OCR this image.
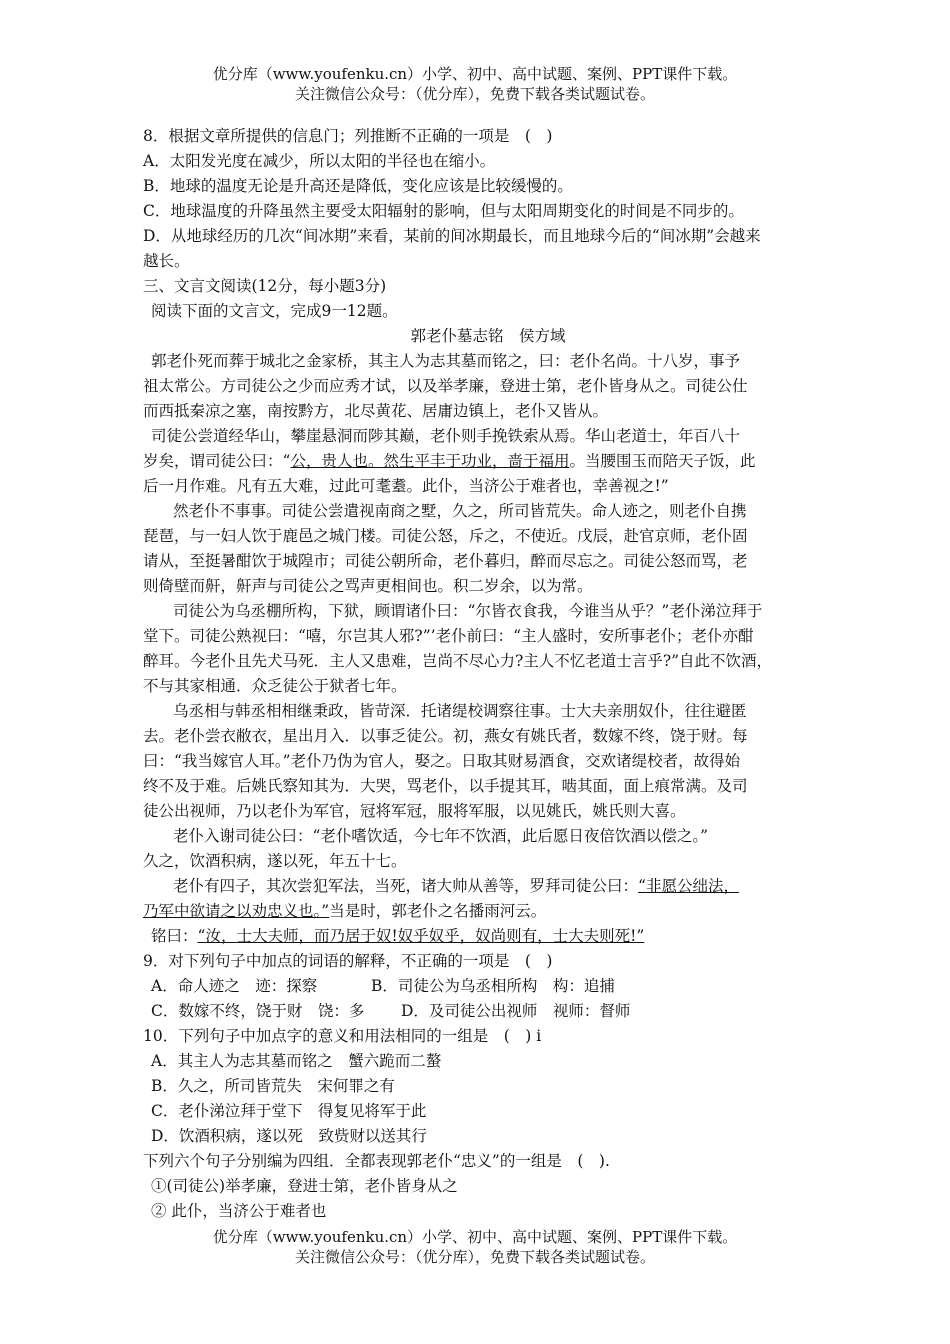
优分库（www.youfenku.cn）小学、初中、高中试题、案例、PPT课件下载。
关注微信公众号：（优分库），免费下载各类试题试卷。
8．根据文章所提供的信息门；列推断不正确的一项是　(　)
A．太阳发光度在减少，所以太阳的半径也在缩小。
B．地球的温度无论是升高还是降低，变化应该是比较缓慢的。
C．地球温度的升降虽然主要受太阳辐射的影响，但与太阳周期变化的时间是不同步的。
D．从地球经历的几次“间冰期”来看，某前的间冰期最长，而且地球今后的“间冰期”会越来
越长。
三、文言文阅读(12分，每小题3分)
阅读下面的文言文，完成9一12题。
郭老仆墓志铭　侯方域
郭老仆死而葬于城北之金家桥，其主人为志其墓而铭之，曰：老仆名尚。十八岁，事予
祖太常公。方司徒公之少而应秀才试，以及举孝廉，登进士第，老仆皆身从之。司徒公仕
而西抵秦凉之塞，南按黔方，北尽黄花、居庸边镇上，老仆又皆从。
司徒公尝道经华山，攀崖悬洞而陟其巅，老仆则手挽铁索从焉。华山老道士，年百八十
岁矣，谓司徒公曰：“公，贵人也。然生平丰于功业，啬于福用。当腰围玉而陪天子饭，此
后一月作难。凡有五大难，过此可耄耋。此仆，当济公于难者也，幸善视之!”
然老仆不事事。司徒公尝遣视南商之墅，久之，所司皆荒失。命人迹之，则老仆自携
琵琶，与一妇人饮于鹿邑之城门楼。司徒公怒，斥之，不使近。戊辰，赴官京师，老仆固
请从，至挺暑酣饮于城隍市；司徒公朝所命，老仆暮归，醉而尽忘之。司徒公怒而骂，老
则倚壁而鼾，鼾声与司徒公之骂声更相间也。积二岁余，以为常。
司徒公为乌丞棚所构，下狱，顾谓诸仆曰：“尔皆衣食我，今谁当从乎？”老仆涕泣拜于
堂下。司徒公熟视曰：“嘻，尔岂其人邪?”’老仆前曰：“主人盛时，安所事老仆；老仆亦酣
醉耳。今老仆且先犬马死．主人又患难，岂尚不尽心力?主人不忆老道士言乎?”自此不饮酒，
不与其家相通．众乏徒公于狱者七年。
乌丞相与韩丞相相继秉政，皆苛深．托诸缇校调察往事。士大夫亲朋奴仆，往往避匿
去。老仆尝衣敝衣，星出月入．以事乏徒公。初，燕女有姚氏者，数嫁不终，饶于财。每
曰：“我当嫁官人耳。”老仆乃伪为官人，娶之。日取其财易酒食，交欢诸缇校者，故得始
终不及于难。后姚氏察知其为．大哭，骂老仆，以手提其耳，啮其面，面上痕常满。及司
徒公出视师，乃以老仆为军官，冠将军冠，服将军服，以见姚氏，姚氏则大喜。
老仆入谢司徒公曰：“老仆嗜饮适，今七年不饮酒，此后愿日夜倍饮酒以偿之。”
久之，饮酒积病，遂以死，年五十七。
老仆有四子，其次尝犯军法，当死，诸大帅从善等，罗拜司徒公曰：“非愿公绌法，
乃军中欲请之以劝忠义也。”当是时，郭老仆之名播雨河云。
铭曰：“汝，士大夫师，而乃居于奴!奴乎奴乎，奴尚则有，士大夫则死!”
9．对下列句子中加点的词语的解释，不正确的一项是　(　)
A．命人迹之　迹：探察	B．司徒公为乌丞相所构　构：追捕
C．数嫁不终，饶于财　饶：多	D．及司徒公出视师　视师：督师
10．下列句子中加点字的意义和用法相同的一组是　(　) i
A．其主人为志其墓而铭之　蟹六跪而二螯
B．久之，所司皆荒失　宋何罪之有
C．老仆涕泣拜于堂下　得复见将军于此
D．饮酒积病，遂以死　致赀财以送其行
下列六个句子分别编为四组．全都表现郭老仆“忠义”的一组是　(　).
①(司徒公)举孝廉，登进士第，老仆皆身从之
② 此仆，当济公于难者也
优分库（www.youfenku.cn）小学、初中、高中试题、案例、PPT课件下载。
关注微信公众号：（优分库），免费下载各类试题试卷。
